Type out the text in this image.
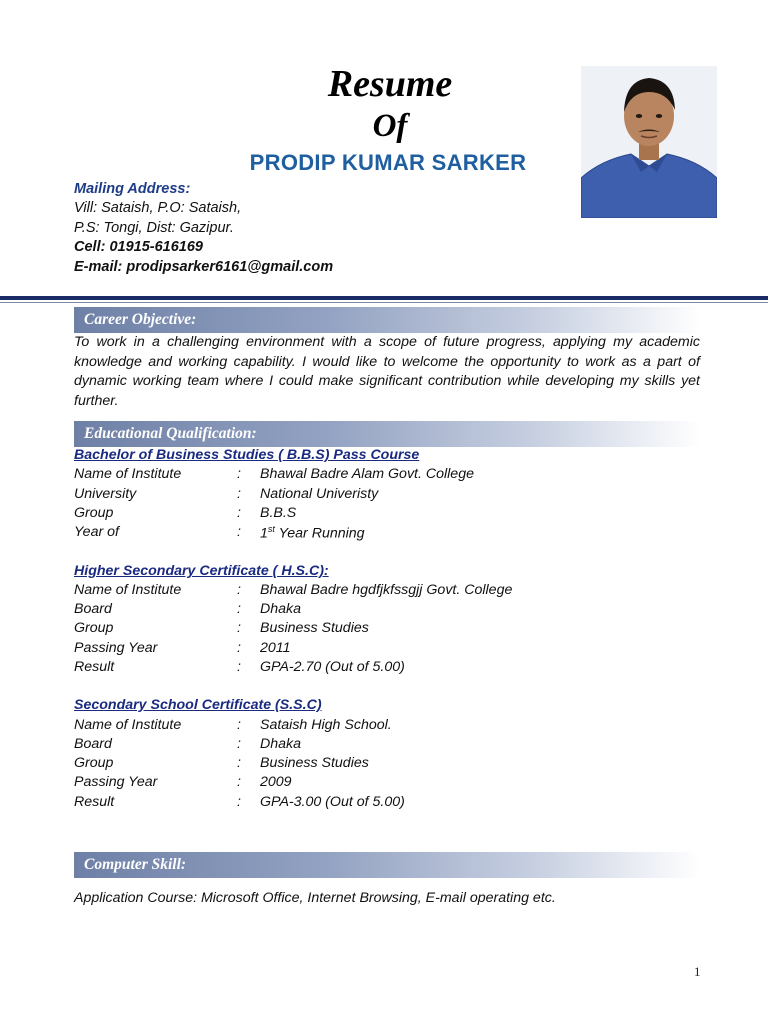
Resume
Of
PRODIP KUMAR SARKER
Mailing Address:
Vill: Sataish, P.O: Sataish,
P.S: Tongi, Dist: Gazipur.
Cell: 01915-616169
E-mail: prodipsarker6161@gmail.com
Career Objective:
To work in a challenging environment with a scope of future progress, applying my academic knowledge and working capability. I would like to welcome the opportunity to work as a part of dynamic working team where I could make significant contribution while developing my skills yet further.
Educational Qualification:
Bachelor of Business Studies ( B.B.S) Pass Course
Name of Institute	: Bhawal Badre Alam Govt. College
University	: National Univeristy
Group	: B.B.S
Year of	: 1st Year Running
Higher Secondary Certificate ( H.S.C):
Name of Institute	: Bhawal Badre hgdfjkfssgjj Govt. College
Board	: Dhaka
Group	: Business Studies
Passing Year	: 2011
Result	: GPA-2.70 (Out of 5.00)
Secondary School Certificate (S.S.C)
Name of Institute	: Sataish High School.
Board	: Dhaka
Group	: Business Studies
Passing Year	: 2009
Result	: GPA-3.00 (Out of 5.00)
Computer Skill:
Application Course: Microsoft Office, Internet Browsing, E-mail operating etc.
1
